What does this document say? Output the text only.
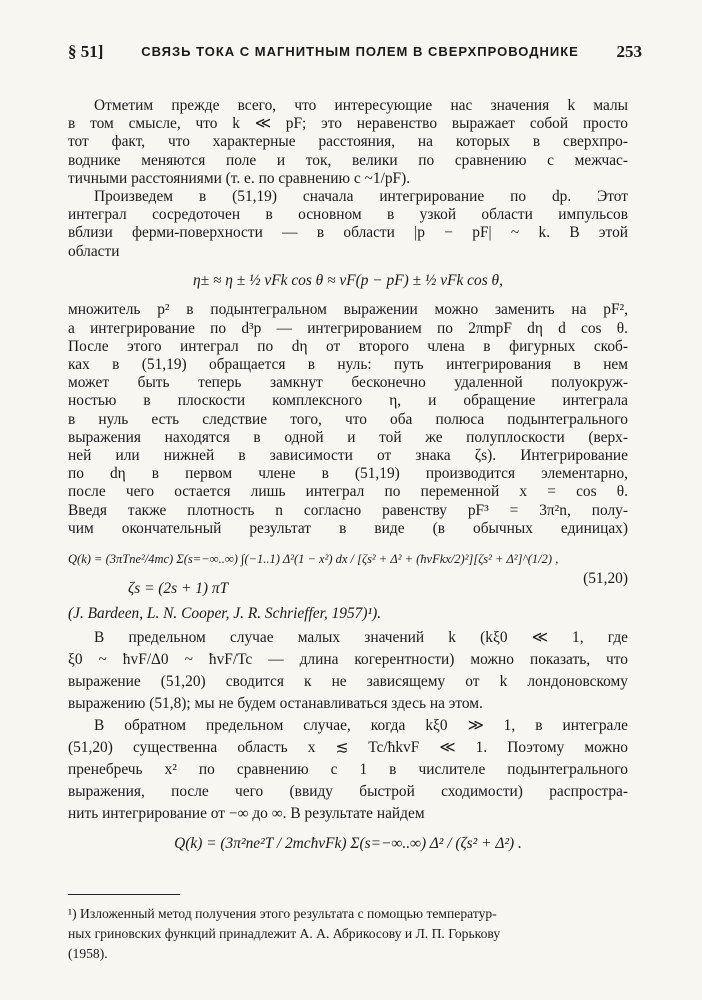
§ 51]	СВЯЗЬ ТОКА С МАГНИТНЫМ ПОЛЕМ В СВЕРХПРОВОДНИКЕ 253
Отметим прежде всего, что интересующие нас значения k малы
в том смысле, что k ≪ pF; это неравенство выражает собой просто
тот факт, что характерные расстояния, на которых в сверхпро-
воднике меняются поле и ток, велики по сравнению с межчас-
тичными расстояниями (т. е. по сравнению с ~1/pF).
Произведем в (51,19) сначала интегрирование по dp. Этот
интеграл сосредоточен в основном в узкой области импульсов
вблизи ферми-поверхности — в области |p − pF| ~ k. В этой
области
η± ≈ η ± ½ vFk cos θ ≈ vF(p − pF) ± ½ vFk cos θ,
множитель p² в подынтегральном выражении можно заменить на pF²,
а интегрирование по d³p — интегрированием по 2πmpF dη d cos θ.
После этого интеграл по dη от второго члена в фигурных скоб-
ках в (51,19) обращается в нуль: путь интегрирования в нем
может быть теперь замкнут бесконечно удаленной полуокруж-
ностью в плоскости комплексного η, и обращение интеграла
в нуль есть следствие того, что оба полюса подынтегрального
выражения находятся в одной и той же полуплоскости (верх-
ней или нижней в зависимости от знака ζs). Интегрирование
по dη в первом члене в (51,19) производится элементарно,
после чего остается лишь интеграл по переменной x = cos θ.
Введя также плотность n согласно равенству pF³ = 3π²n, полу-
чим окончательный результат в виде (в обычных единицах)
Q(k) = (3πTne²/4mc) Σ(s=−∞..∞) ∫(−1..1) Δ²(1 − x²) dx / [ζs² + Δ² + (ħvFkx/2)²][ζs² + Δ²]^(1/2) ,
ζs = (2s + 1) πT
(51,20)
(J. Bardeen, L. N. Cooper, J. R. Schrieffer, 1957)¹).
¹) Изложенный метод получения этого результата с помощью температур-
ных гриновских функций принадлежит А. А. Абрикосову и Л. П. Горькову
(1958).
В предельном случае малых значений k (kξ0 ≪ 1, где
ξ0 ~ ħvF/Δ0 ~ ħvF/Tc — длина когерентности) можно показать, что
выражение (51,20) сводится к не зависящему от k лондоновскому
выражению (51,8); мы не будем останавливаться здесь на этом.
В обратном предельном случае, когда kξ0 ≫ 1, в интеграле
(51,20) существенна область x ≲ Tc/ħkvF ≪ 1. Поэтому можно
пренебречь x² по сравнению с 1 в числителе подынтегрального
выражения, после чего (ввиду быстрой сходимости) распростра-
нить интегрирование от −∞ до ∞. В результате найдем
Q(k) = (3π²ne²T / 2mcħvFk) Σ(s=−∞..∞) Δ² / (ζs² + Δ²) .
